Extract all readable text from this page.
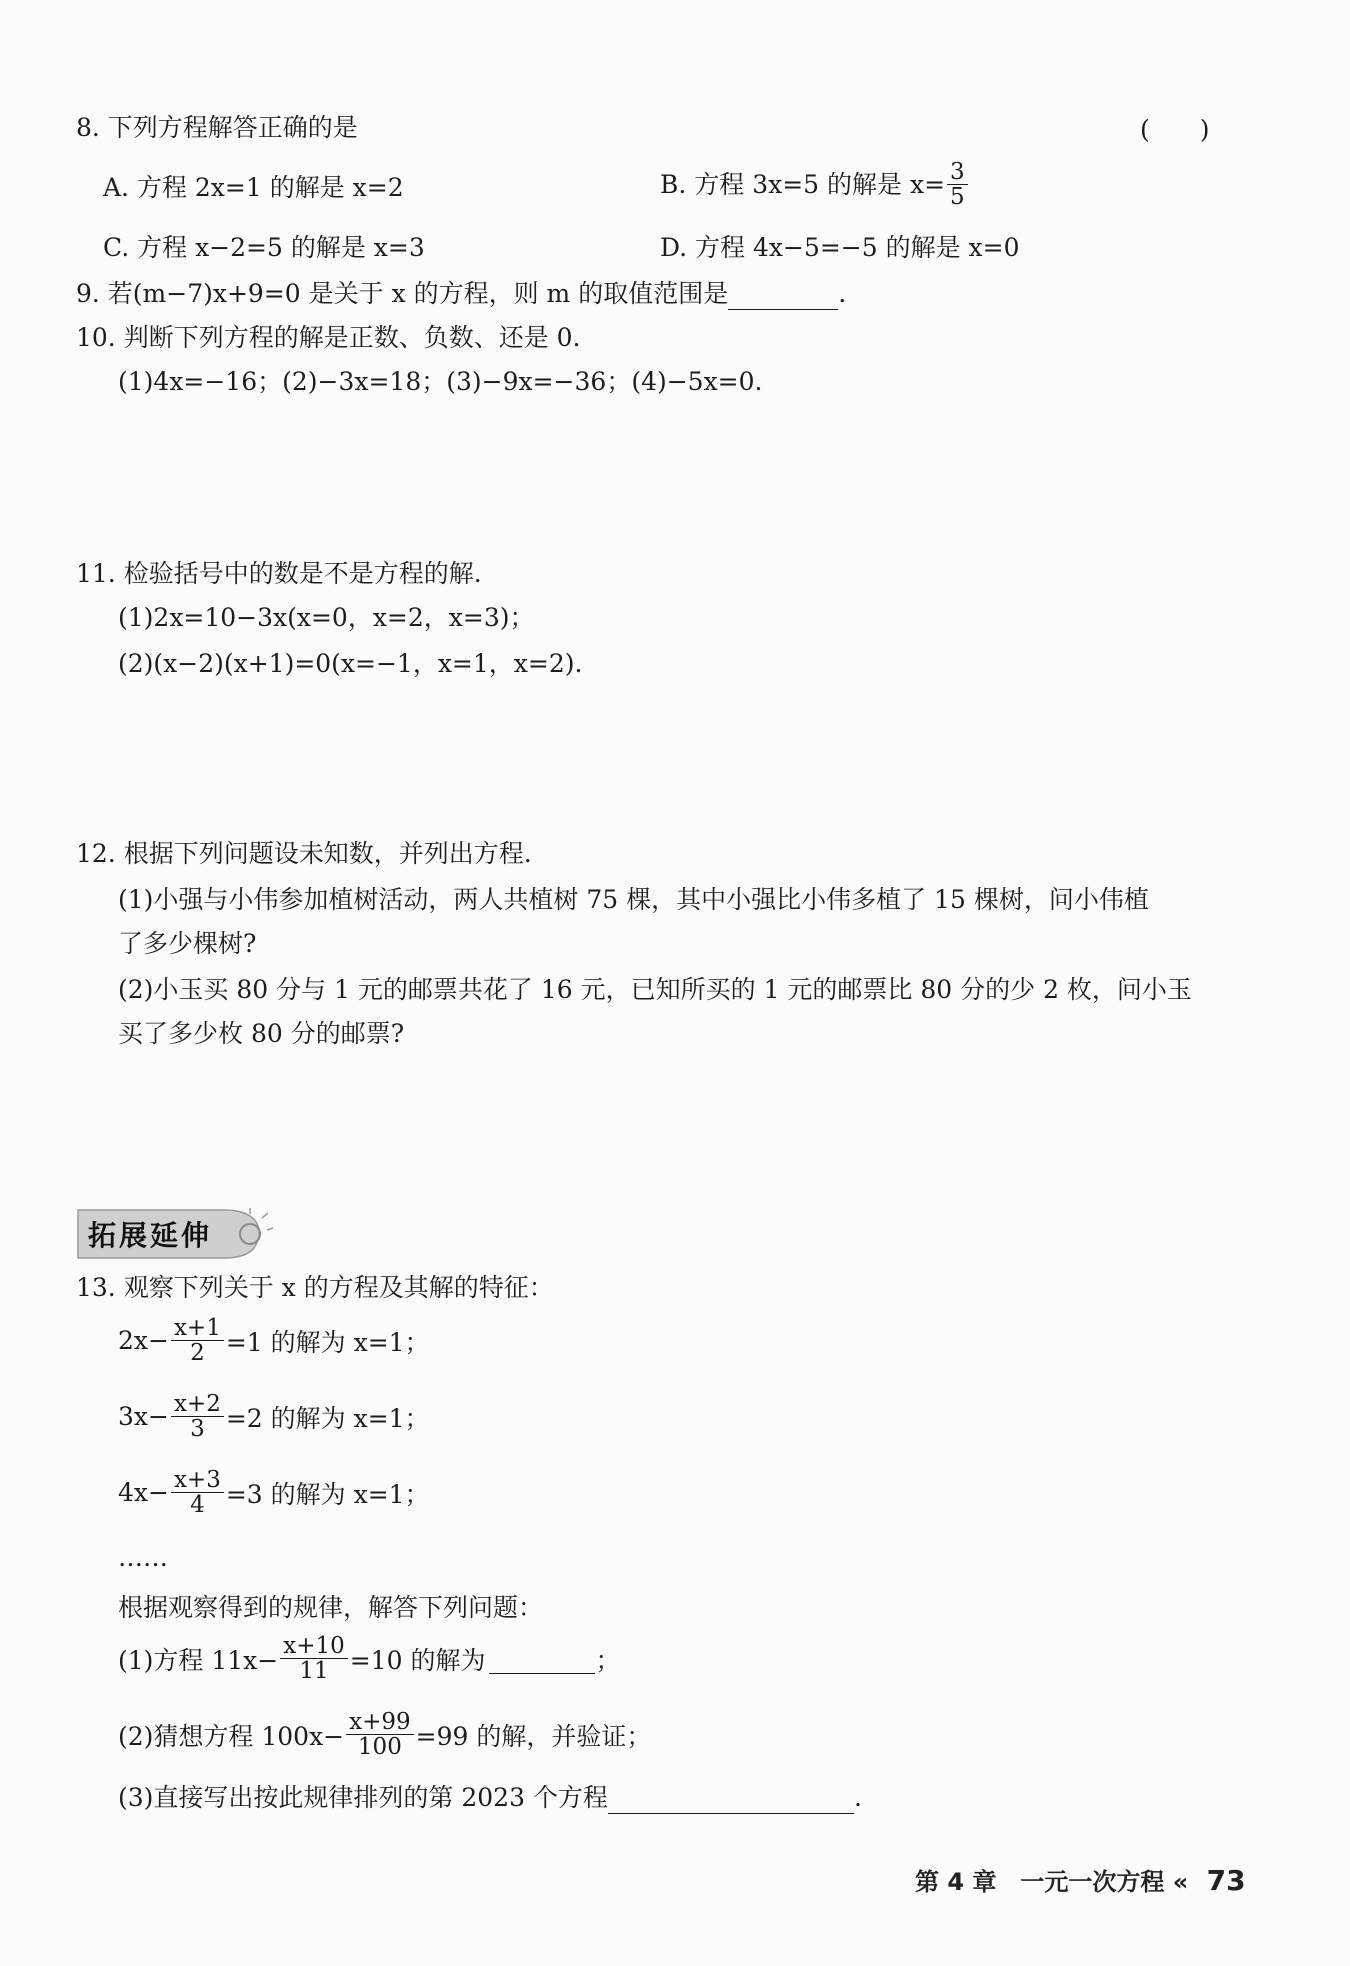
8. 下列方程解答正确的是	(　　)
A. 方程 2x=1 的解是 x=2	B. 方程 3x=5 的解是 $x= \frac{3}{5}$
C. 方程 x−2=5 的解是 x=3	D. 方程 4x−5=−5 的解是 x=0
9. 若(m−7)x+9=0 是关于 x 的方程，则 m 的取值范围是	.
10. 判断下列方程的解是正数、负数、还是 0.
(1)4x=−16；(2)−3x=18；(3)−9x=−36；(4)−5x=0.
11. 检验括号中的数是不是方程的解.
(1)2x=10−3x(x=0，x=2，x=3)；
(2)(x−2)(x+1)=0(x=−1，x=1，x=2).
12. 根据下列问题设未知数，并列出方程.
(1)小强与小伟参加植树活动，两人共植树 75 棵，其中小强比小伟多植了 15 棵树，问小伟植
了多少棵树?
(2)小玉买 80 分与 1 元的邮票共花了 16 元，已知所买的 1 元的邮票比 80 分的少 2 枚，问小玉
买了多少枚 80 分的邮票?
拓展延伸
13. 观察下列关于 x 的方程及其解的特征：
$2x- \frac{x+1}{2} =1$ 的解为 x=1；
$3x- \frac{x+2}{3} =2$ 的解为 x=1；
$4x- \frac{x+3}{4} =3$ 的解为 x=1；
……
根据观察得到的规律，解答下列问题：
(1)方程 $11x- \frac{x+10}{11} =10$ 的解为	；
(2)猜想方程 $100x- \frac{x+99}{100} =99$ 的解，并验证；
(3)直接写出按此规律排列的第 2023 个方程	.
第 4 章　一元一次方程 « 73
